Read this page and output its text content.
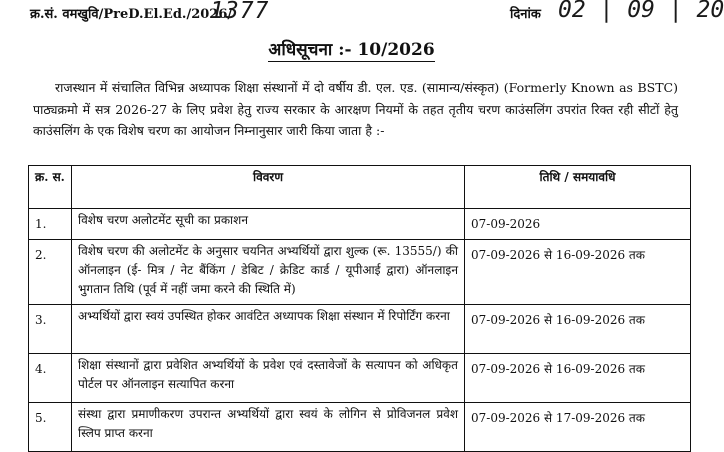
क्र.सं. वमखुवि/PreD.El.Ed./2026/
1377	दिनांक 02 | 09 | 20
अधिसूचना :- 10/2026
राजस्थान में संचालित विभिन्न अध्यापक शिक्षा संस्थानों में दो वर्षीय डी. एल. एड. (सामान्य/संस्कृत) (Formerly Known as BSTC) पाठ्यक्रमो में सत्र 2026-27 के लिए प्रवेश हेतु राज्य सरकार के आरक्षण नियमों के तहत तृतीय चरण काउंसलिंग उपरांत रिक्त रही सीटों हेतु काउंसलिंग के एक विशेष चरण का आयोजन निम्नानुसार जारी किया जाता है :-
क्र. स.	विवरण	तिथि / समयावधि
1.	विशेष चरण अलोटमेंट सूची का प्रकाशन	07-09-2026
2.	विशेष चरण की अलोटमेंट के अनुसार चयनित अभ्यर्थियों द्वारा शुल्क (रू. 13555/) की ऑनलाइन (ई- मित्र / नेट बैंकिंग / डेबिट / क्रेडिट कार्ड / यूपीआई द्वारा) ऑनलाइन भुगतान तिथि (पूर्व में नहीं जमा करने की स्थिति में)	07-09-2026 से 16-09-2026 तक
3.	अभ्यर्थियों द्वारा स्वयं उपस्थित होकर आवंटित अध्यापक शिक्षा संस्थान में रिपोर्टिंग करना	07-09-2026 से 16-09-2026 तक
4.	शिक्षा संस्थानों द्वारा प्रवेशित अभ्यर्थियों के प्रवेश एवं दस्तावेजों के सत्यापन को अधिकृत पोर्टल पर ऑनलाइन सत्यापित करना	07-09-2026 से 16-09-2026 तक
5.	संस्था द्वारा प्रमाणीकरण उपरान्त अभ्यर्थियों द्वारा स्वयं के लोगिन से प्रोविजनल प्रवेश स्लिप प्राप्त करना	07-09-2026 से 17-09-2026 तक
